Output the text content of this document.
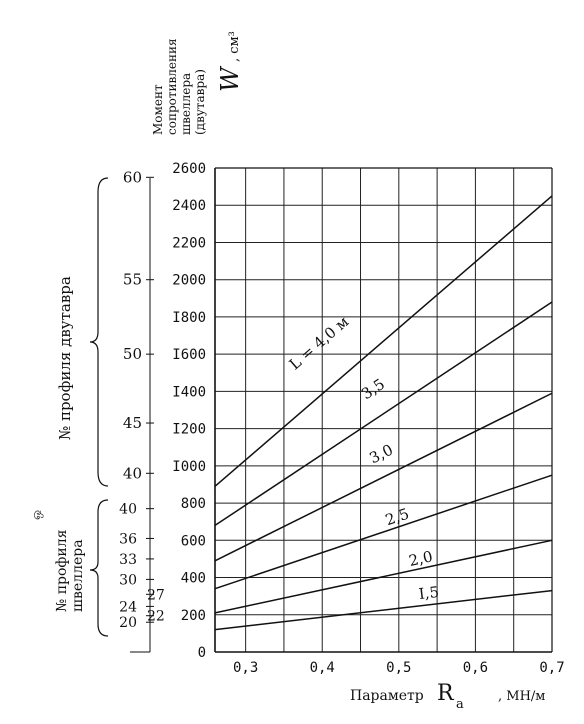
I,5
2,0
2,5
3,0
3,5
L = 4,0 м
0
200
400
600
800
I000
I200
I400
I600
I800
2000
2200
2400
2600
0,3	0,4	0,5	0,6	0,7
60
55
50
45
40
40
36
33
30
27
24
22
20
Момент сопротивления швеллера (двутавра) W
, см³
№ профиля двутавра
№ профиля швеллера
ஒ
Параметр R a
, МН/м
